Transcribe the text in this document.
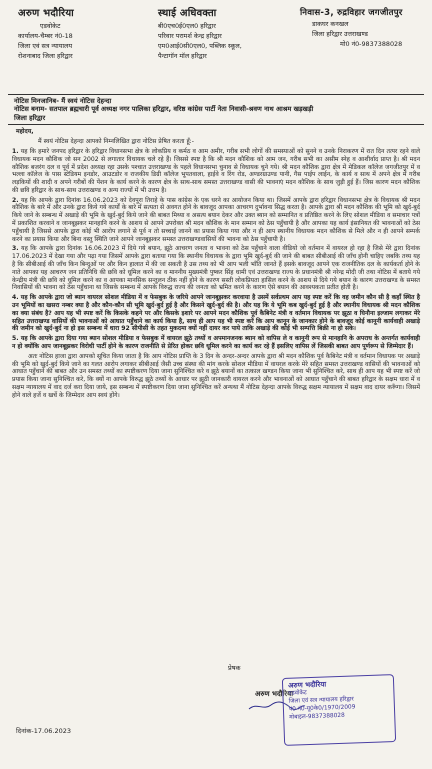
अरुण भदौरिया
एडवोकेट
कार्यालय-चैम्बर नं0-18
जिला एवं सत्र न्यायालय
रोशनाबाद जिला हरिद्वार
स्थाई अधिवक्ता
बी0एच0ई0एल0 हरिद्वार
परिवार परामर्श केन्द्र हरिद्वार
एम0आई0सी0एल0, पब्लिक स्कूल,
पैन्टागॉन मॉल हरिद्वार
निवास-3, रुद्रविहार जगजीतपुर
डाकघर कनखल
जिला हरिद्वार उत्तराखण्ड
मो0 नं0-9837388028
नोटिस मिनजानिब- मैं स्वयं नोटिस देहन्दा
नोटिस बनाम- सतपाल ब्रह्मचारी पूर्व अध्यक्ष नगर पालिका हरिद्वार, वरिष्ठ कांग्रेस पार्टी नेता निवासी-श्रवण नाथ आश्रम खड़खड़ी
जिला हरिद्वार
महोदय,
मैं स्वयं नोटिस देहन्दा आपको निम्नलिखित द्वारा नोटिस प्रेषित करता हूँ:-
1. यह कि हमारे जनपद हरिद्वार के हरिद्वार विधानसभा क्षेत्र के लोकप्रिय व कर्मठ व आम अमीर, गरीब सभी लोगों की समस्याओं को सुनने व उनके निराकरण में रात दिन तत्पर रहने वाले विधायक मदन कौशिक जो सन 2002 से लगातार विधायक चले रहे हैं। जिससे स्पष्ट है कि श्री मदन कौशिक को आम जन, गरीब सभी का असीम स्नेह व आशीर्वाद प्राप्त है। श्री मदन कौशिक बजरंग दल व पूर्व में प्रदेश अध्यक्ष रहा उसके पश्चात उत्तराखण्ड के पहले विधानसभा चुनाव से विधायक चुने गये। श्री मदन कौशिक द्वारा क्षेत्र में मेडिकल कॉलेज जगजीतपुर में व भल्ला कॉलेज के पास स्टेडियम इनडोर, आउटडोर व राजकीय डिग्री कॉलेज भूपतवाला, हाईवे व रिंग रोड, अण्डरग्राउण्ड पानी, गैस पाईप लाईन, के कार्य व साथ में अपने क्षेत्र में गरीब लड़कियों की शादी व अपने गरीबों की पेंशन के कार्य करने के कारण क्षेत्र के साथ-साथ समस्त उत्तराखण्ड वासी की भावनाएं मदन कौशिक के साथ जुड़ी हुई हैं। जिस कारण मदन कौशिक की छवि हरिद्वार के साथ-साथ उत्तराखण्ड व अन्य राज्यों में भी उत्तम है।
2. यह कि आपके द्वारा दिनांक 16.06.2023 को देवपुरा तिराहे के पास कांग्रेस के एक धरने का आयोजन किया था। जिसमें आपके द्वारा हरिद्वार विधानसभा क्षेत्र के विधायक श्री मदन कौशिक के बारे में और उनके द्वारा किये गये कार्यों के बारे में सत्यता से अवगत होने के बावजूद आपका आचरण दुर्भावना सिद्ध करता है। आपके द्वारा श्री मदन कौशिक की भूमि को खुर्द-बुर्द किये जाने के सम्बन्ध में अखाड़े की भूमि के खुर्द-बुर्द किये जाने की बाबत मिथ्या व असत्य बयान देकर और उक्त ब्यान को सम्मानित व प्रतिष्ठित करने के लिए सोशल मीडिया व समाचार पत्रों में प्रकाशित करवाने व जानबूझकर मानहानि करने के आशय से आपने उपरोक्त श्री मदन कौशिक के मान सम्मान को ठेस पहुँचायी है और आपका यह कार्य इंसानियत की भावनाओं को ठेस पहुँचायी है जिससे आपके द्वारा कोई भी आरोप लगाने से पूर्व न तो सच्चाई जानने का प्रयास किया गया और न ही आप स्थानीय विधायक मदन कौशिक से मिले और न ही आपने सम्पर्क करने का प्रयास किया और बिना वस्तु स्थिति जाने आपने जानबूझकर समस्त उत्तराखण्डवासियों की भावना को ठेस पहुँचायी है।
3. यह कि आपके द्वारा दिनांक 16.06.2023 में दिये गये बयान, झूठे आचरण जनता व भावना को ठेस पहुँचाने वाला वीडियो जो वर्तमान में वायरल हो रहा है जिसे मेरे द्वारा दिनांक 17.06.2023 में देखा गया और पढ़ा गया जिसमें आपके द्वारा बताया गया कि स्थानीय विधायक के द्वारा भूमि खुर्द-बुर्द की जाने की बाबत सीबीआई की जाँच होनी चाहिए जबकि तथ्य यह है कि सीबीआई की जाँच किन बिन्दुओं पर और किन हालात में की जा सकती है उस तथ्य को भी आप भली भाँति जानते हैं इसके बावजूद आपने एक राजनीतिक दल के कार्यकर्ता होने के नाते आपका यह आचरण जन प्रतिनिधि की छवि को धूमिल करने का व माननीय मुख्यमंत्री पुष्कर सिंह धामी एवं उत्तराखण्ड राज्य के प्रधानमंत्री श्री नरेन्द्र मोदी जी तथा नोटिस में बताये गये केन्द्रीय मंत्री की छवि को धूमिल करने का व आपका मानसिक सन्तुलन ठीक नहीं होने के कारण सस्ती लोकप्रियता हासिल करने के आशय से दिये गये बयान के कारण उत्तराखण्ड के समस्त निवासियों की भावना को ठेस पहुँचाना था जिसके सम्बन्ध में आपके विरुद्ध राज्य की जनता को भ्रमित करने के कारण ऐसे बयान की आवश्यकता प्रतीत होती है।
4. यह कि आपके द्वारा जो ब्यान वायरल सोशल मीडिया में व फेसबुक के जरिये आपने जानबूझकर करवाया है उसमें सर्वप्रथम आप यह स्पष्ट करें कि वह जमीन कौन सी है कहाँ स्थित है उन भूमियों का खसरा नम्बर क्या है और कौन-कौन सी भूमि खुर्द-बुर्द हुई है और किसने खुर्द-बुर्द की है। और यह कि ये भूमि कब खुर्द-बुर्द हुई है और स्थानीय विधायक श्री मदन कौशिक का क्या संबंध है? आप यह भी स्पष्ट करें कि किसके कहने पर और किसके इशारे पर आपने मदन कौशिक पूर्व कैबिनेट मंत्री व वर्तमान विधायक पर झूठा व घिनौना इल्जाम लगाकर मेरे सहित उत्तराखण्ड वासियों की भावनाओं को आघात पहुँचाने का कार्य किया है, साथ ही आप यह भी स्पष्ट करें कि आप कानून के जानकार होने के बावजूद कोई कानूनी कार्यवाही अखाड़े की जमीन को खुर्द-बुर्द ना हो इस सम्बन्ध में धारा 92 सीपीसी के तहत मुकदमा क्यों नहीं दायर कर पाये ताकि अखाड़े की कोई भी सम्पत्ति बिक्री ना हो सके।
5. यह कि आपके द्वारा दिया गया ब्यान सोशल मीडिया व फेसबुक में वायरल झूठे तथ्यों व अपमानजनक ब्यान को वापिस ले व कानूनी रूप से मानहानि के अपराध के अन्तर्गत कार्यवाही न हो क्योंकि आप जानबूझकर विरोधी पार्टी होने के कारण राजनीति से प्रेरित होकर छवि धूमिल करने का कार्य कर रहे हैं इसलिए वापिस लें जिसकी बाबत आप पूर्णरूप से जिम्मेदार हैं।
अतः नोटिस हाजा द्वारा आपको सूचित किया जाता है कि आप नोटिस प्राप्ति के 3 दिन के अन्दर-अन्दर आपके द्वारा श्री मदन कौशिक पूर्व कैबिनेट मंत्री व वर्तमान विधायक पर अखाड़े की भूमि को खुर्द-बुर्द किये जाने का गलत आरोप लगाकर सीबीआई जैसी उच्च संस्था की मांग करके सोशल मीडिया में वायरल करके मेरे सहित समस्त उत्तराखण्ड वासियों की भावनाओं को आघात पहुँचाने की बाबत और उन समस्त तथ्यों का स्पष्टीकरण दिया जाना सुनिश्चित करे व झूठे बयानों का तत्काल खण्डन किया जाना भी सुनिश्चित करे, साथ ही आप यह भी स्पष्ट करें जो प्रयास किया जाना सुनिश्चित करे, कि क्यों ना आपके विरुद्ध झूठे तथ्यों के आधार पर झूठी जानकारी वायरल करने और भावनाओं को आघात पहुँचाने की बाबत हरिद्वार के सक्षम धारा में व सक्षम न्यायालय में वाद दर्ज करा दिया जाये, इस सम्बन्ध में स्पष्टीकरण दिया जाना सुनिश्चित करें अन्यथा मैं नोटिस देहन्दा आपके विरुद्ध सक्षम न्यायालय में सक्षम वाद दायर करूँगा। जिसमें होने वाले हर्जे व खर्चे के जिम्मेदार आप स्वयं होंगे।
प्रेषक
अरुण भदौरिया
अरुण भदौरिया
एडवोकेट
जिला एवं सत्र न्यायालय हरिद्वार
पं0 नं0-यू0के0/1970/2009
मोबाइल-9837388028
दिनांक-17.06.2023
